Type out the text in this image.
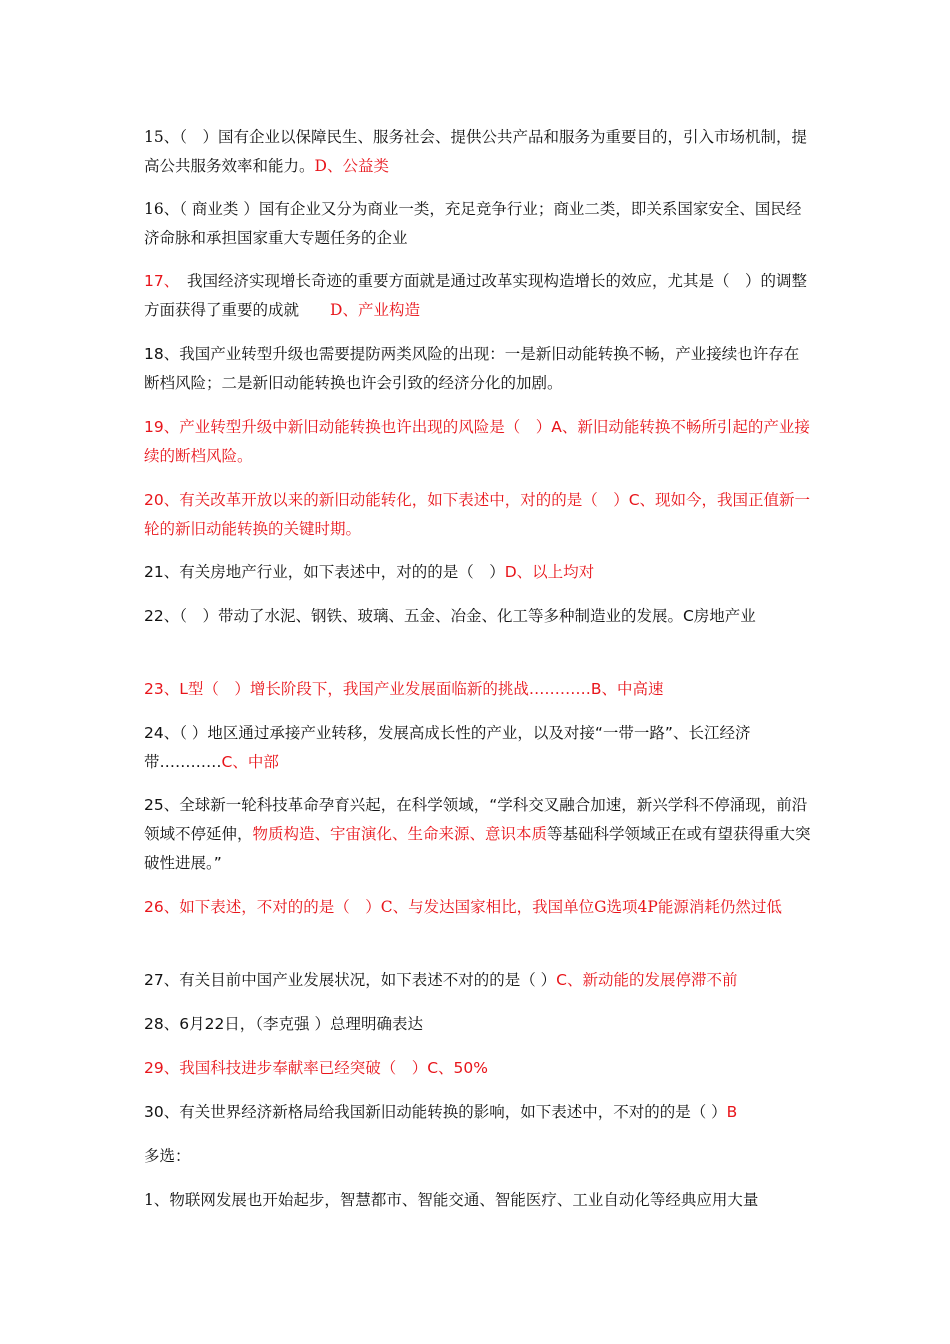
15、（　）国有企业以保障民生、服务社会、提供公共产品和服务为重要目的，引入市场机制，提高公共服务效率和能力。D、公益类
16、（ 商业类 ）国有企业又分为商业一类，充足竞争行业；商业二类，即关系国家安全、国民经济命脉和承担国家重大专题任务的企业
17、　我国经济实现增长奇迹的重要方面就是通过改革实现构造增长的效应，尤其是（　）的调整方面获得了重要的成就　　 D、产业构造
18、我国产业转型升级也需要提防两类风险的出现：一是新旧动能转换不畅，产业接续也许存在断档风险；二是新旧动能转换也许会引致的经济分化的加剧。
19、产业转型升级中新旧动能转换也许出现的风险是（　）A、新旧动能转换不畅所引起的产业接续的断档风险。
20、有关改革开放以来的新旧动能转化，如下表述中，对的的是（　）C、现如今，我国正值新一轮的新旧动能转换的关键时期。
21、有关房地产行业，如下表述中，对的的是（　）D、以上均对
22、（　）带动了水泥、钢铁、玻璃、五金、冶金、化工等多种制造业的发展。C房地产业
23、L型（　）增长阶段下，我国产业发展面临新的挑战…………B、中高速
24、（ ）地区通过承接产业转移，发展高成长性的产业，以及对接“一带一路”、长江经济带…………C、中部
25、全球新一轮科技革命孕育兴起，在科学领域，“学科交叉融合加速，新兴学科不停涌现，前沿领域不停延伸，物质构造、宇宙演化、生命来源、意识本质等基础科学领域正在或有望获得重大突破性进展。”
26、如下表述，不对的的是（　）C、与发达国家相比，我国单位G选项4P能源消耗仍然过低
27、有关目前中国产业发展状况，如下表述不对的的是（ ）C、新动能的发展停滞不前
28、6月22日，（李克强 ）总理明确表达
29、我国科技进步奉献率已经突破（　）C、50%
30、有关世界经济新格局给我国新旧动能转换的影响，如下表述中，不对的的是（ ）B
多选：
1、物联网发展也开始起步，智慧都市、智能交通、智能医疗、工业自动化等经典应用大量
